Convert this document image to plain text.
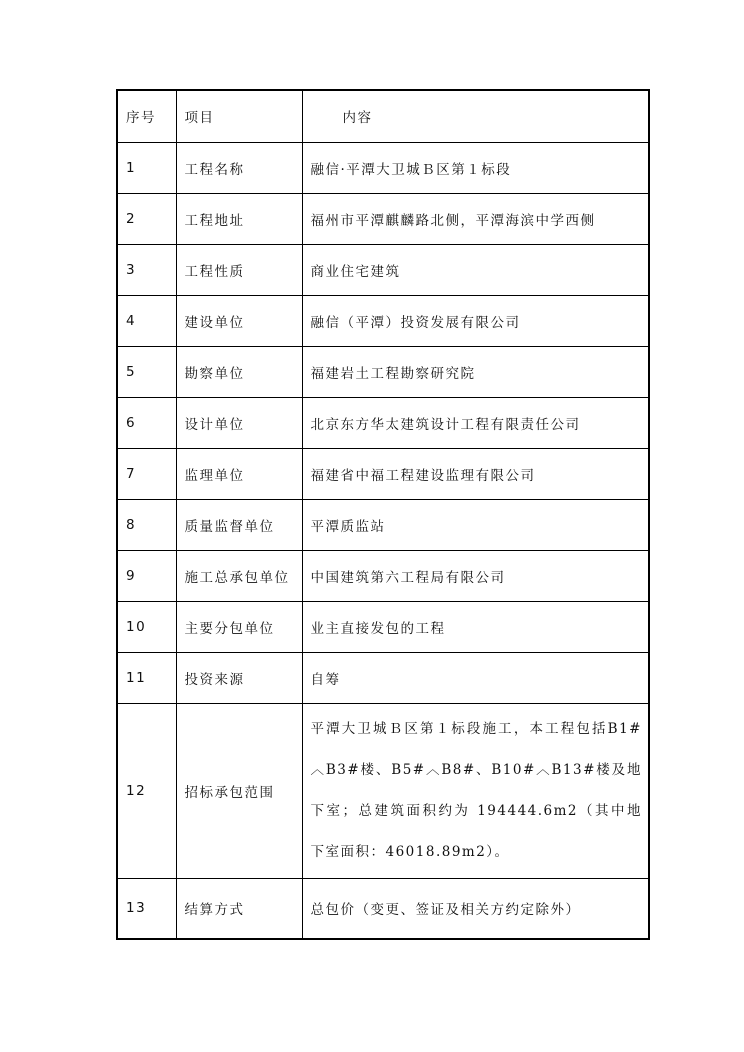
序号	项目	内容
1	工程名称	融信·平潭大卫城Ｂ区第１标段
2	工程地址	福州市平潭麒麟路北侧，平潭海滨中学西侧
3	工程性质	商业住宅建筑
4	建设单位	融信（平潭）投资发展有限公司
5	勘察单位	福建岩土工程勘察研究院
6	设计单位	北京东方华太建筑设计工程有限责任公司
7	监理单位	福建省中福工程建设监理有限公司
8	质量监督单位	平潭质监站
9	施工总承包单位	中国建筑第六工程局有限公司
10	主要分包单位	业主直接发包的工程
11	投资来源	自筹
12	招标承包范围	平潭大卫城Ｂ区第１标段施工，本工程包括B1#︿B3#楼、B5#︿B8#、B10#︿B13#楼及地下室；总建筑面积约为 194444.6m2（其中地下室面积：46018.89m2）。
13	结算方式	总包价（变更、签证及相关方约定除外）
